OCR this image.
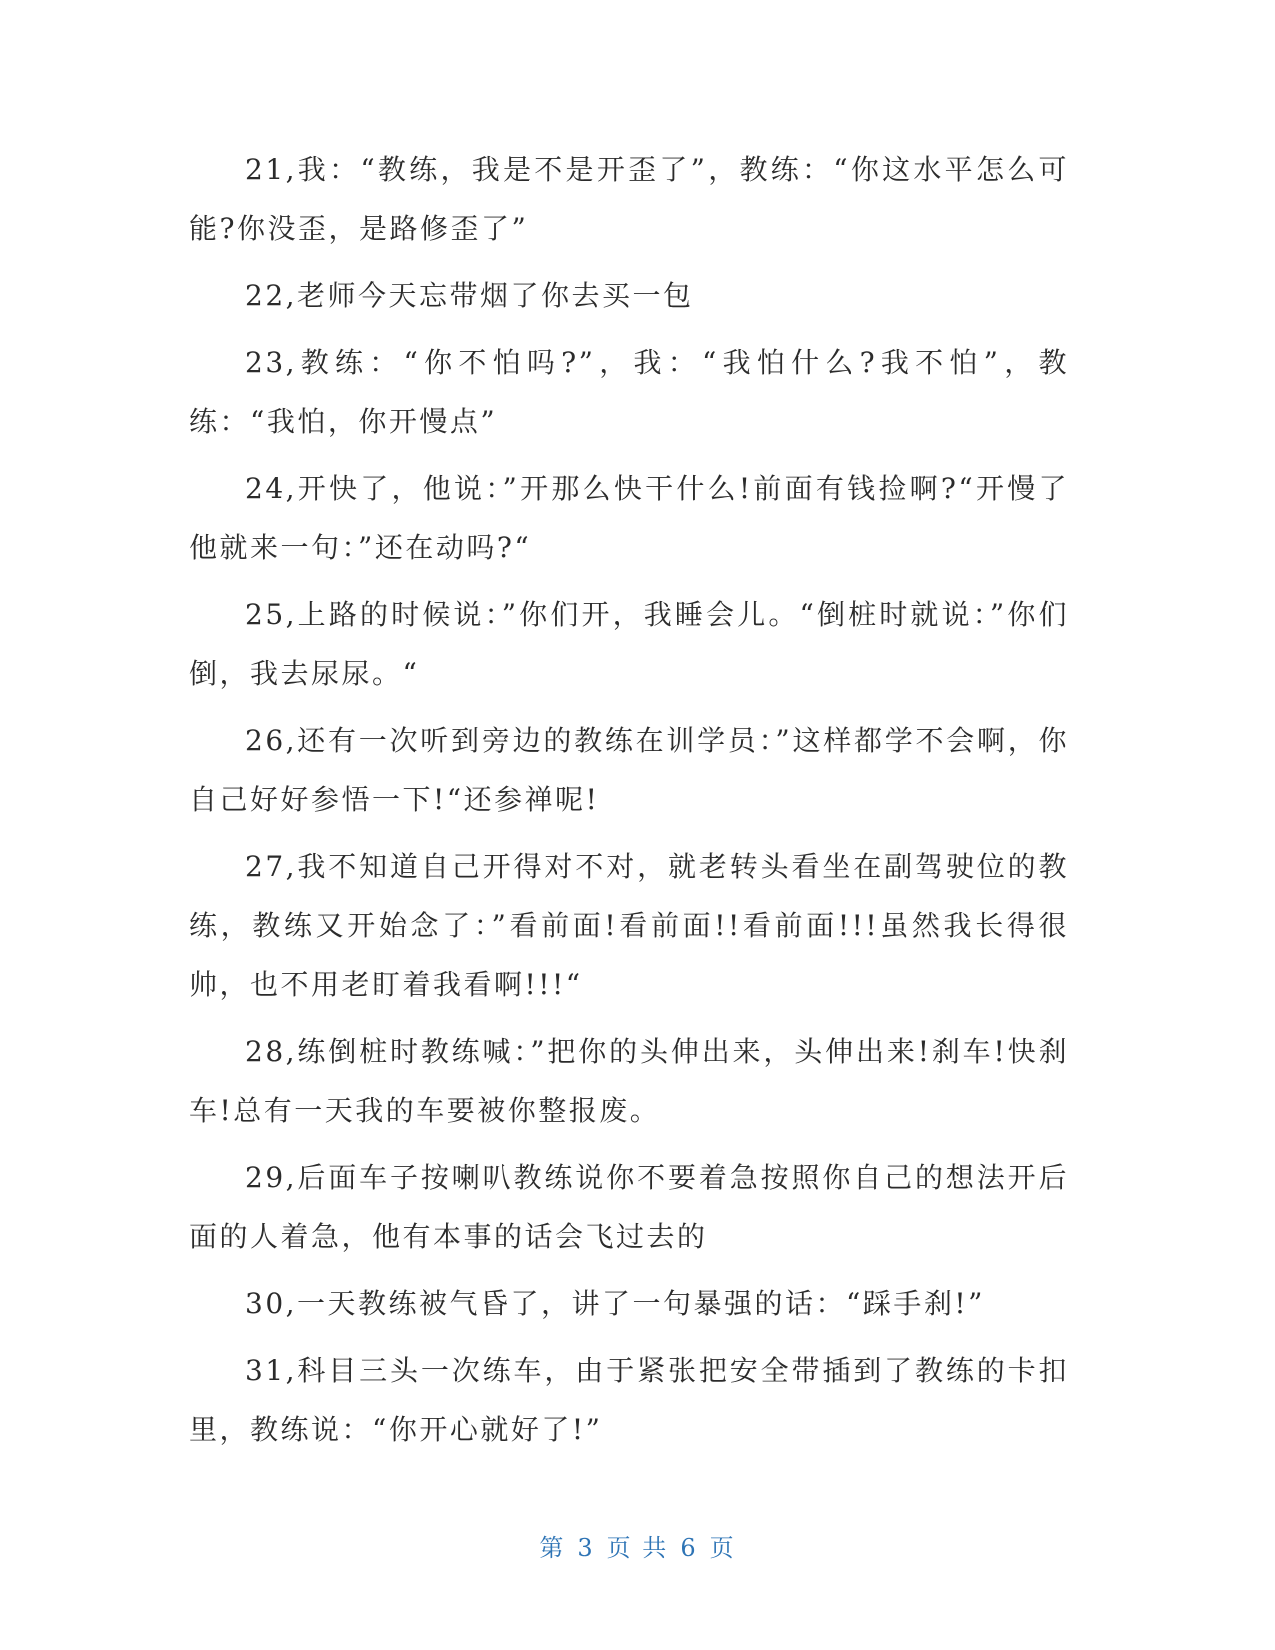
21,我：“教练，我是不是开歪了”，教练：“你这水平怎么可能?你没歪，是路修歪了”

22,老师今天忘带烟了你去买一包

23,教练：“你不怕吗?”，我：“我怕什么?我不怕”，教练：“我怕，你开慢点”

24,开快了，他说：”开那么快干什么!前面有钱捡啊?“开慢了他就来一句：”还在动吗?“

25,上路的时候说：”你们开，我睡会儿。“倒桩时就说：”你们倒，我去尿尿。“

26,还有一次听到旁边的教练在训学员：”这样都学不会啊，你自己好好参悟一下!“还参禅呢!

27,我不知道自己开得对不对，就老转头看坐在副驾驶位的教练，教练又开始念了：”看前面!看前面!!看前面!!!虽然我长得很帅，也不用老盯着我看啊!!!“

28,练倒桩时教练喊：”把你的头伸出来，头伸出来!刹车!快刹车!总有一天我的车要被你整报废。

29,后面车子按喇叭教练说你不要着急按照你自己的想法开后面的人着急，他有本事的话会飞过去的

30,一天教练被气昏了，讲了一句暴强的话：“踩手刹!”

31,科目三头一次练车，由于紧张把安全带插到了教练的卡扣里，教练说：“你开心就好了!”

第 3 页 共 6 页
